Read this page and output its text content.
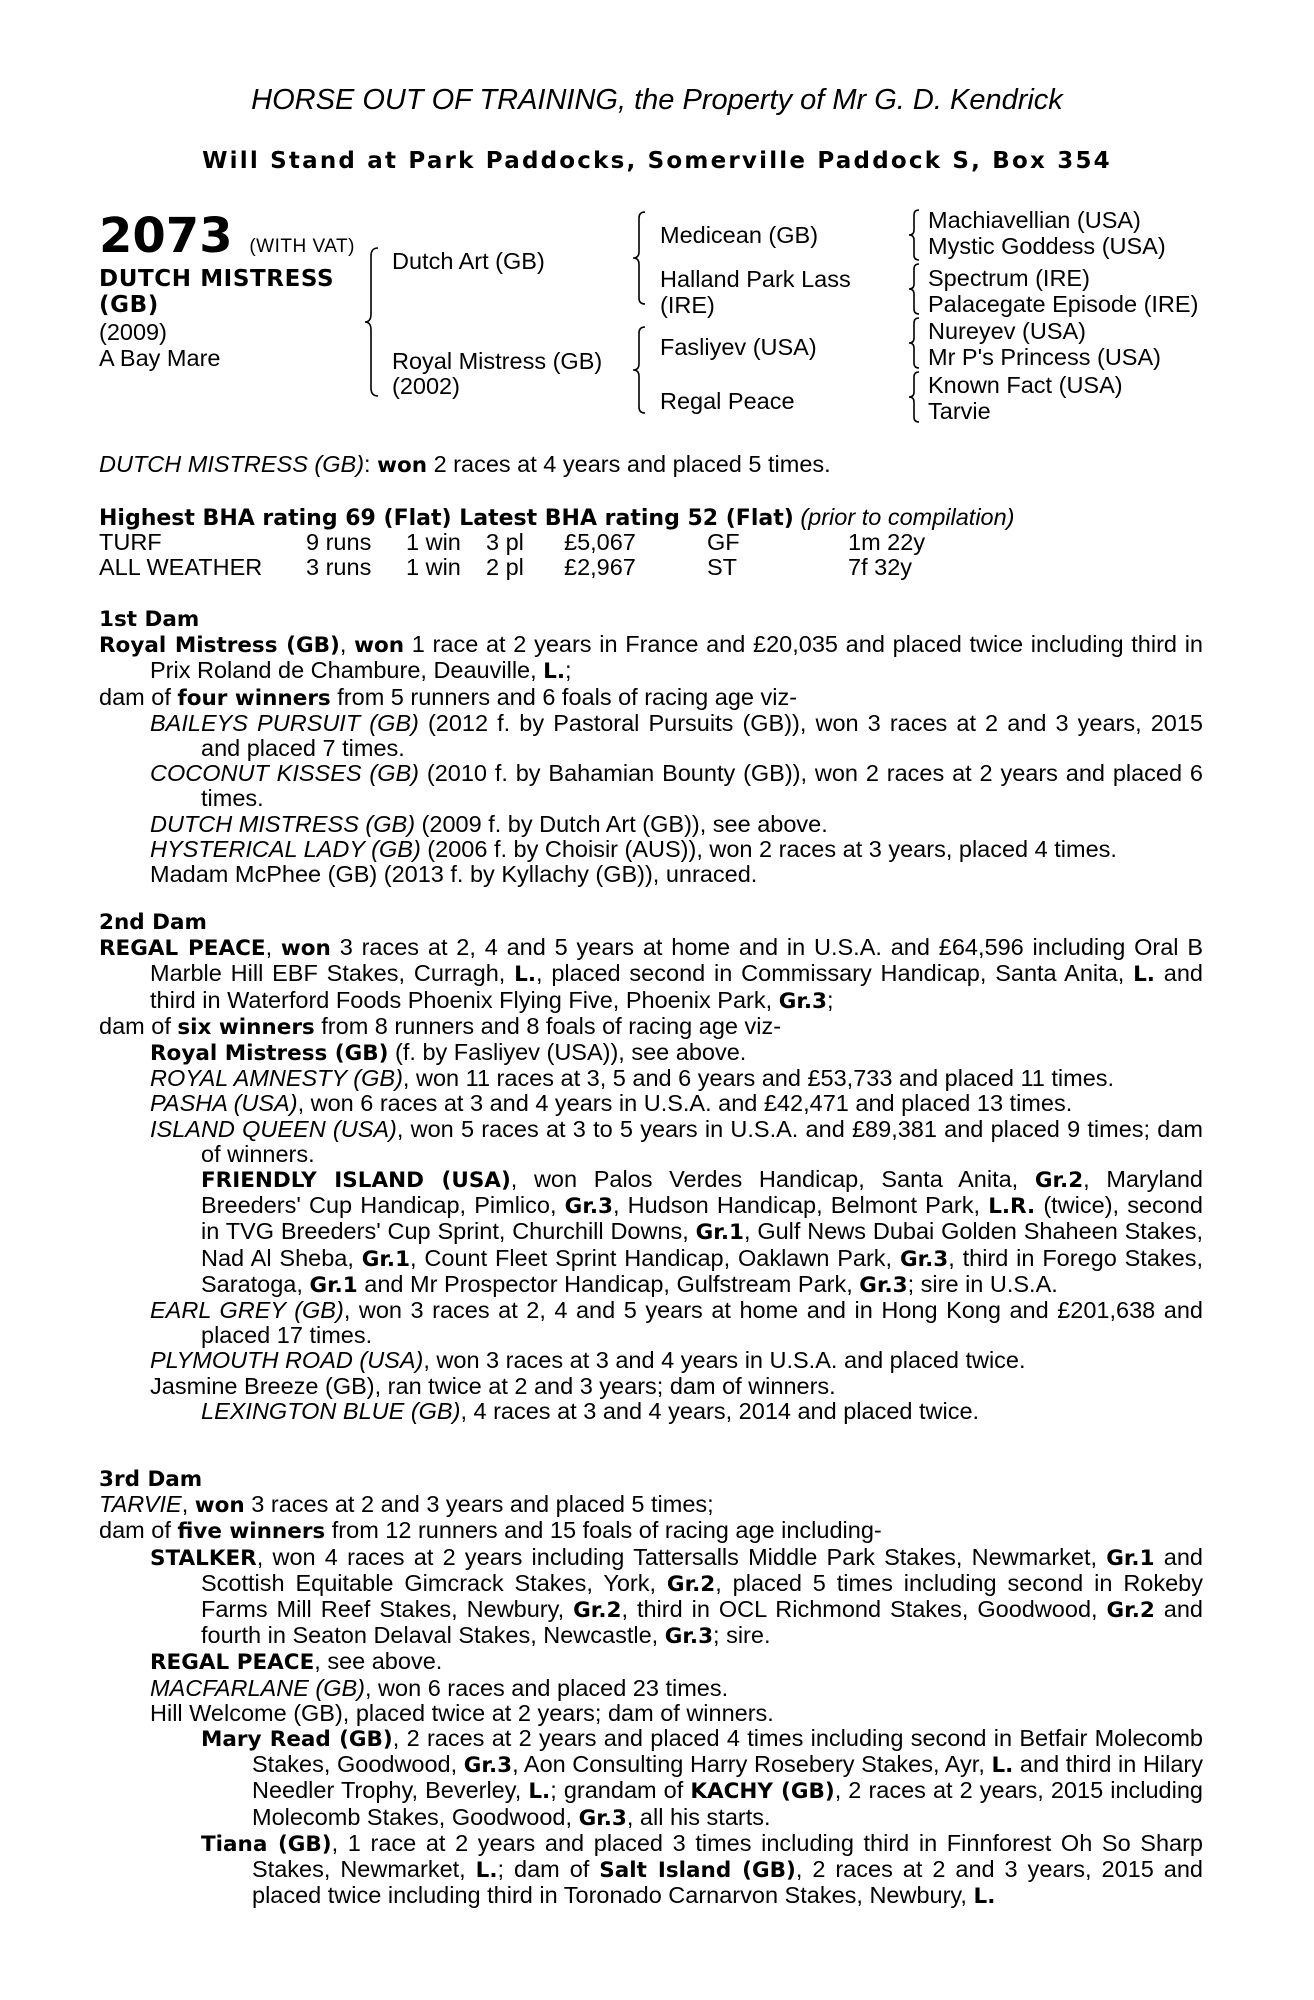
HORSE OUT OF TRAINING, the Property of Mr G. D. Kendrick
Will Stand at Park Paddocks, Somerville Paddock S, Box 354
2073 (WITH VAT)
DUTCH MISTRESS
(GB)
(2009)
A Bay Mare
Dutch Art (GB)
Royal Mistress (GB)
(2002)
Medicean (GB)
Halland Park Lass
(IRE)
Fasliyev (USA)
Regal Peace
Machiavellian (USA)
Mystic Goddess (USA)
Spectrum (IRE)
Palacegate Episode (IRE)
Nureyev (USA)
Mr P's Princess (USA)
Known Fact (USA)
Tarvie
DUTCH MISTRESS (GB): won 2 races at 4 years and placed 5 times.
Highest BHA rating 69 (Flat) Latest BHA rating 52 (Flat) (prior to compilation)
TURF	9 runs	1 win	3 pl	£5,067	GF	1m 22y
ALL WEATHER	3 runs	1 win	2 pl	£2,967	ST	7f 32y

1st Dam

Royal Mistress (GB), won 1 race at 2 years in France and £20,035 and placed twice including third in Prix Roland de Chambure, Deauville, L.;

dam of four winners from 5 runners and 6 foals of racing age viz-

BAILEYS PURSUIT (GB) (2012 f. by Pastoral Pursuits (GB)), won 3 races at 2 and 3 years, 2015 and placed 7 times.

COCONUT KISSES (GB) (2010 f. by Bahamian Bounty (GB)), won 2 races at 2 years and placed 6 times.

DUTCH MISTRESS (GB) (2009 f. by Dutch Art (GB)), see above.

HYSTERICAL LADY (GB) (2006 f. by Choisir (AUS)), won 2 races at 3 years, placed 4 times.

Madam McPhee (GB) (2013 f. by Kyllachy (GB)), unraced.

2nd Dam

REGAL PEACE, won 3 races at 2, 4 and 5 years at home and in U.S.A. and £64,596 including Oral B Marble Hill EBF Stakes, Curragh, L., placed second in Commissary Handicap, Santa Anita, L. and third in Waterford Foods Phoenix Flying Five, Phoenix Park, Gr.3;

dam of six winners from 8 runners and 8 foals of racing age viz-

Royal Mistress (GB) (f. by Fasliyev (USA)), see above.

ROYAL AMNESTY (GB), won 11 races at 3, 5 and 6 years and £53,733 and placed 11 times.

PASHA (USA), won 6 races at 3 and 4 years in U.S.A. and £42,471 and placed 13 times.

ISLAND QUEEN (USA), won 5 races at 3 to 5 years in U.S.A. and £89,381 and placed 9 times; dam of winners.

FRIENDLY ISLAND (USA), won Palos Verdes Handicap, Santa Anita, Gr.2, Maryland Breeders' Cup Handicap, Pimlico, Gr.3, Hudson Handicap, Belmont Park, L.R. (twice), second in TVG Breeders' Cup Sprint, Churchill Downs, Gr.1, Gulf News Dubai Golden Shaheen Stakes, Nad Al Sheba, Gr.1, Count Fleet Sprint Handicap, Oaklawn Park, Gr.3, third in Forego Stakes, Saratoga, Gr.1 and Mr Prospector Handicap, Gulfstream Park, Gr.3; sire in U.S.A.

EARL GREY (GB), won 3 races at 2, 4 and 5 years at home and in Hong Kong and £201,638 and placed 17 times.

PLYMOUTH ROAD (USA), won 3 races at 3 and 4 years in U.S.A. and placed twice.

Jasmine Breeze (GB), ran twice at 2 and 3 years; dam of winners.

LEXINGTON BLUE (GB), 4 races at 3 and 4 years, 2014 and placed twice.

3rd Dam

TARVIE, won 3 races at 2 and 3 years and placed 5 times;

dam of five winners from 12 runners and 15 foals of racing age including-

STALKER, won 4 races at 2 years including Tattersalls Middle Park Stakes, Newmarket, Gr.1 and Scottish Equitable Gimcrack Stakes, York, Gr.2, placed 5 times including second in Rokeby Farms Mill Reef Stakes, Newbury, Gr.2, third in OCL Richmond Stakes, Goodwood, Gr.2 and fourth in Seaton Delaval Stakes, Newcastle, Gr.3; sire.

REGAL PEACE, see above.

MACFARLANE (GB), won 6 races and placed 23 times.

Hill Welcome (GB), placed twice at 2 years; dam of winners.

Mary Read (GB), 2 races at 2 years and placed 4 times including second in Betfair Molecomb Stakes, Goodwood, Gr.3, Aon Consulting Harry Rosebery Stakes, Ayr, L. and third in Hilary Needler Trophy, Beverley, L.; grandam of KACHY (GB), 2 races at 2 years, 2015 including Molecomb Stakes, Goodwood, Gr.3, all his starts.

Tiana (GB), 1 race at 2 years and placed 3 times including third in Finnforest Oh So Sharp Stakes, Newmarket, L.; dam of Salt Island (GB), 2 races at 2 and 3 years, 2015 and placed twice including third in Toronado Carnarvon Stakes, Newbury, L.
